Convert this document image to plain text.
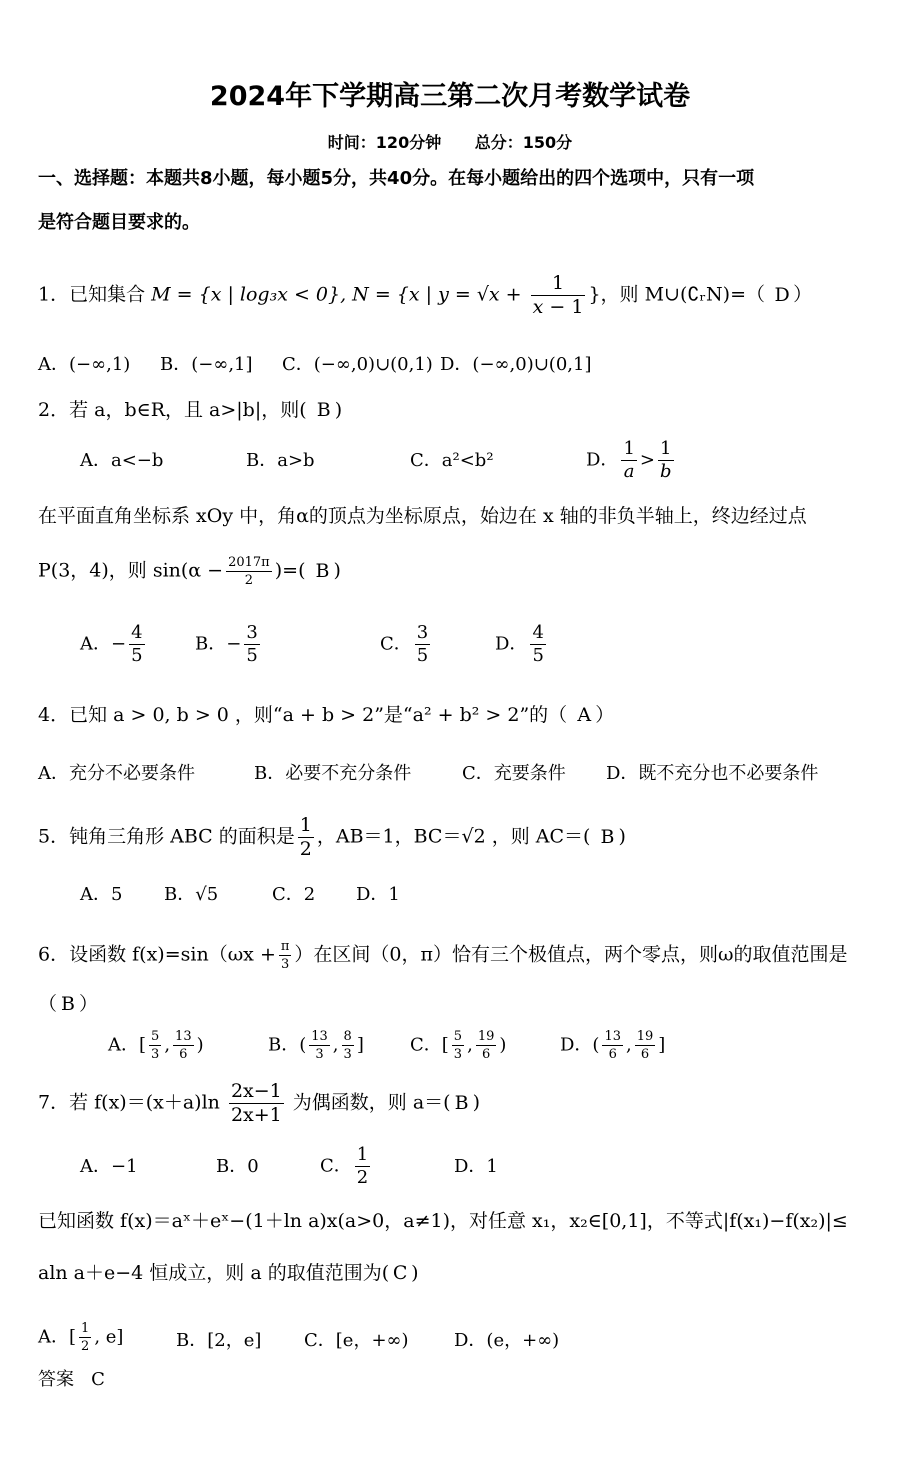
2024年下学期高三第二次月考数学试卷
时间：120分钟 总分：150分
一、选择题：本题共8小题，每小题5分，共40分。在每小题给出的四个选项中，只有一项
是符合题目要求的。
1．已知集合 M = {x | log₃x < 0}, N = {x | $y = √x + \frac{1}{x - 1}$ }，则 M∪(∁ᵣN)=（ D ）
A．(−∞,1) B．(−∞,1] C．(−∞,0)∪(0,1) D．(−∞,0)∪(0,1]
2．若 a，b∈R，且 a>|b|，则( B )
A．a<−b	B．a>b	C．a²<b²	D． $\frac{1}{a} > \frac{1}{b}$
在平面直角坐标系 xOy 中，角α的顶点为坐标原点，始边在 x 轴的非负半轴上，终边经过点
P(3，4)，则 $\sin(\alpha - \frac{2017\pi}{2}$ )=( B )
A．− $\frac{4}{5}$	B．− $\frac{3}{5}$	C． $\frac{3}{5}$	D． $\frac{4}{5}$
4．已知 a > 0, b > 0 ，则“a + b > 2”是“a² + b² > 2”的（ A ）
A．充分不必要条件	B．必要不充分条件	C．充要条件 D．既不充分也不必要条件
5．钝角三角形 ABC 的面积是 $\frac{1}{2}$ ，AB＝1，BC＝√2 ，则 AC＝( B )
A．5 B．√5	C．2 D．1
6．设函数 $f(x)=\sin(\omega x + \frac{\pi}{3}$ ）在区间（0，π）恰有三个极值点，两个零点，则ω的取值范围是
（ B ）
A．[ $\frac{5}{3}$ , $\frac{13}{6}$ )	B．( $\frac{13}{3}$ , $\frac{8}{3}$ ]	C．[ $\frac{5}{3}$ , $\frac{19}{6}$ )	D．( $\frac{13}{6}$ , $\frac{19}{6}$ ]
7．若 $f(x)=(x+a)\ln \frac{2x-1}{2x+1}$ 为偶函数，则 a＝( B )
A．−1	B．0	C． $\frac{1}{2}$	D．1
已知函数 f(x)＝aˣ＋eˣ−(1＋ln a)x(a>0，a≠1)，对任意 x₁，x₂∈[0,1]，不等式|f(x₁)−f(x₂)|≤
aln a＋e−4 恒成立，则 a 的取值范围为( C )
A．[ $\frac{1}{2}$ , e]	B．[2，e] C．[e，+∞)	D．(e，+∞)
答案 C
